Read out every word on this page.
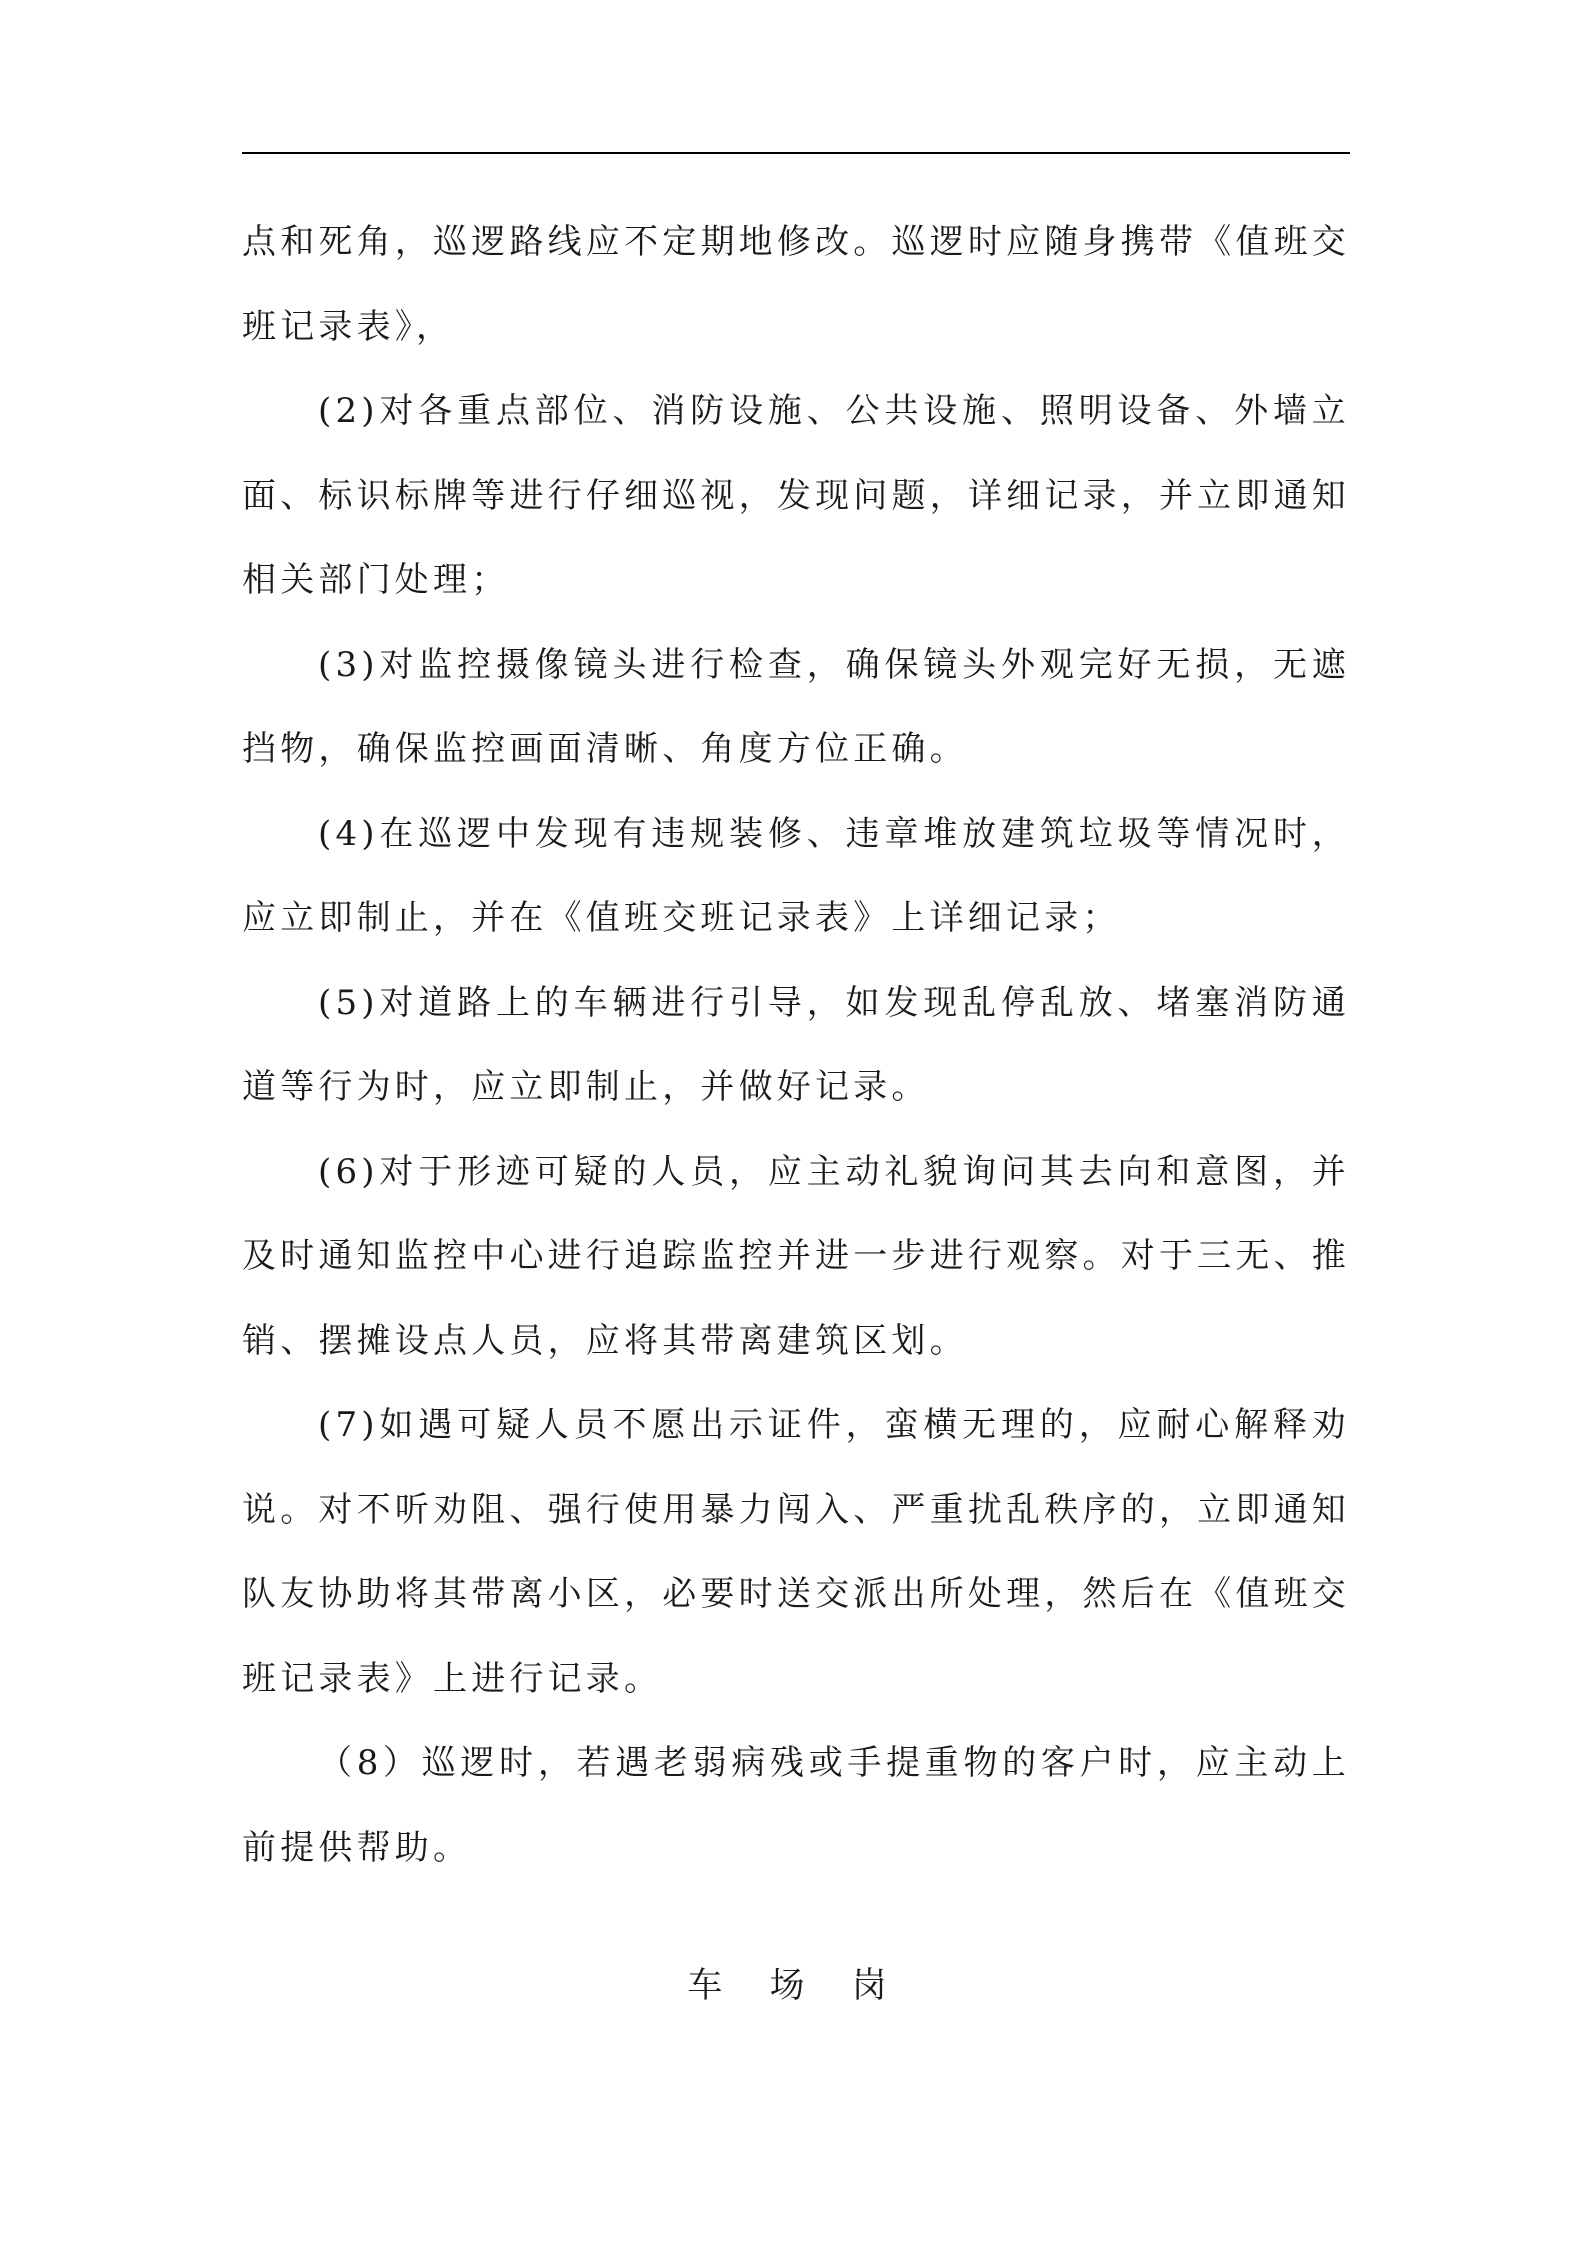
点和死角，巡逻路线应不定期地修改。巡逻时应随身携带《值班交班记录表》，

(2)对各重点部位、消防设施、公共设施、照明设备、外墙立面、标识标牌等进行仔细巡视，发现问题，详细记录，并立即通知相关部门处理；

(3)对监控摄像镜头进行检查，确保镜头外观完好无损，无遮挡物，确保监控画面清晰、角度方位正确。

(4)在巡逻中发现有违规装修、违章堆放建筑垃圾等情况时，应立即制止，并在《值班交班记录表》上详细记录；

(5)对道路上的车辆进行引导，如发现乱停乱放、堵塞消防通道等行为时，应立即制止，并做好记录。

(6)对于形迹可疑的人员，应主动礼貌询问其去向和意图，并及时通知监控中心进行追踪监控并进一步进行观察。对于三无、推销、摆摊设点人员，应将其带离建筑区划。

(7)如遇可疑人员不愿出示证件，蛮横无理的，应耐心解释劝说。对不听劝阻、强行使用暴力闯入、严重扰乱秩序的，立即通知队友协助将其带离小区，必要时送交派出所处理，然后在《值班交班记录表》上进行记录。

（8）巡逻时，若遇老弱病残或手提重物的客户时，应主动上前提供帮助。

车 场 岗
